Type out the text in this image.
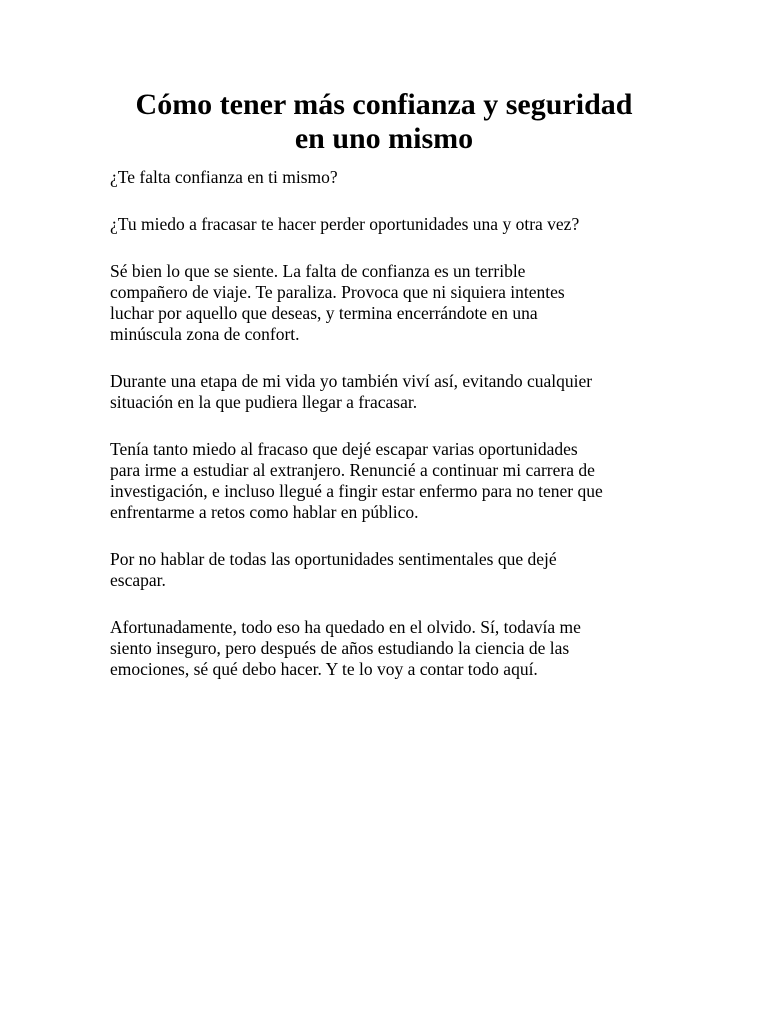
Cómo tener más confianza y seguridad
en uno mismo

¿Te falta confianza en ti mismo?

¿Tu miedo a fracasar te hacer perder oportunidades una y otra vez?

Sé bien lo que se siente. La falta de confianza es un terrible
compañero de viaje. Te paraliza. Provoca que ni siquiera intentes
luchar por aquello que deseas, y termina encerrándote en una
minúscula zona de confort.

Durante una etapa de mi vida yo también viví así, evitando cualquier
situación en la que pudiera llegar a fracasar.

Tenía tanto miedo al fracaso que dejé escapar varias oportunidades
para irme a estudiar al extranjero. Renuncié a continuar mi carrera de
investigación, e incluso llegué a fingir estar enfermo para no tener que
enfrentarme a retos como hablar en público.

Por no hablar de todas las oportunidades sentimentales que dejé
escapar.

Afortunadamente, todo eso ha quedado en el olvido. Sí, todavía me
siento inseguro, pero después de años estudiando la ciencia de las
emociones, sé qué debo hacer. Y te lo voy a contar todo aquí.
